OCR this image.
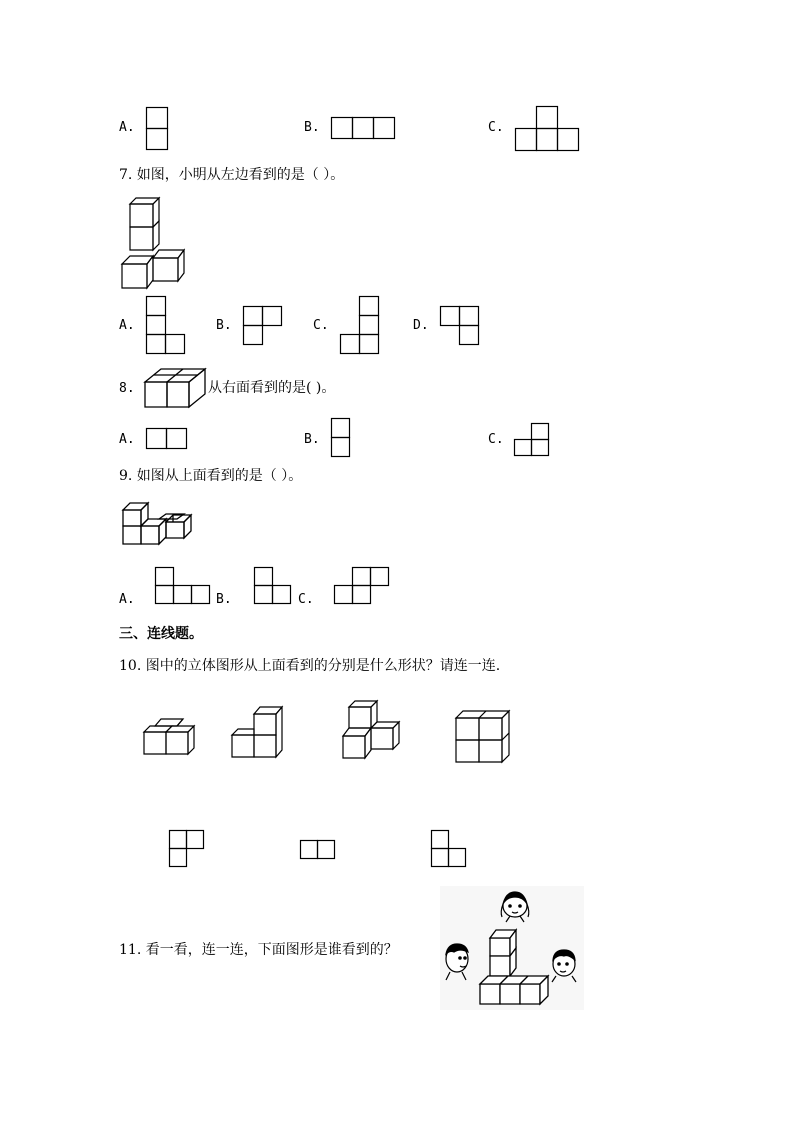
A.	B.	C.
7. 如图，小明从左边看到的是（ ）。
A.	B.	C.	D.
8.	从右面看到的是( )。
A.	B.	C.
9. 如图从上面看到的是（ ）。
A.	B.	C.
三、连线题。
10. 图中的立体图形从上面看到的分别是什么形状？请连一连.
11. 看一看，连一连，下面图形是谁看到的？
